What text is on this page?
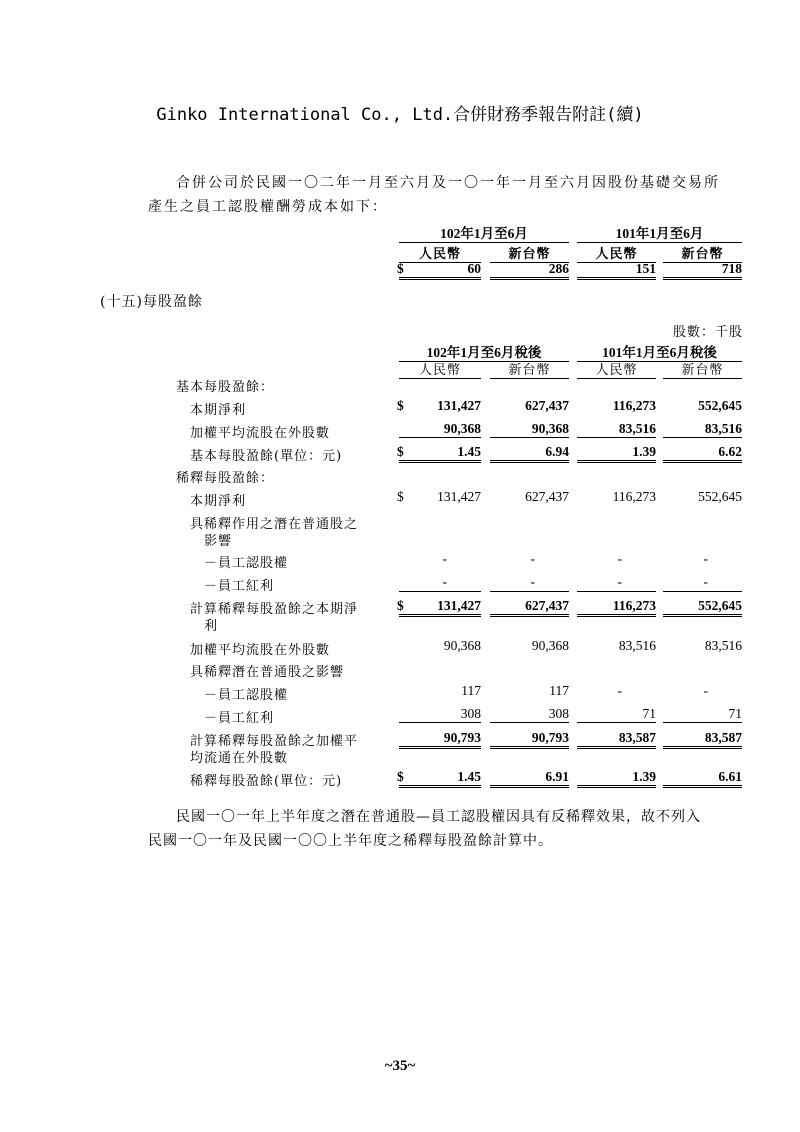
Ginko International Co., Ltd.合併財務季報告附註(續)
合併公司於民國一〇二年一月至六月及一〇一年一月至六月因股份基礎交易所
產生之員工認股權酬勞成本如下：
102年1月至6月	101年1月至6月
人民幣	新台幣	人民幣	新台幣
$	60	286	151	718
(十五)每股盈餘
股數：千股
102年1月至6月稅後	101年1月至6月稅後
人民幣	新台幣	人民幣	新台幣
基本每股盈餘：
本期淨利	$	131,427	627,437	116,273	552,645
加權平均流股在外股數	90,368	90,368	83,516	83,516
基本每股盈餘(單位：元)	$	1.45	6.94	1.39	6.62
稀釋每股盈餘：
本期淨利	$	131,427	627,437	116,273	552,645
具稀釋作用之潛在普通股之
影響
－員工認股權	-	-	-	-
－員工紅利	-	-	-	-
計算稀釋每股盈餘之本期淨
利
$	131,427	627,437	116,273	552,645
加權平均流股在外股數	90,368	90,368	83,516	83,516
具稀釋潛在普通股之影響
－員工認股權	117	117	-	-
－員工紅利	308	308	71	71
計算稀釋每股盈餘之加權平
均流通在外股數
90,793	90,793	83,587	83,587
稀釋每股盈餘(單位：元)	$	1.45	6.91	1.39	6.61
民國一〇一年上半年度之潛在普通股—員工認股權因具有反稀釋效果，故不列入
民國一〇一年及民國一〇〇上半年度之稀釋每股盈餘計算中。
~35~
